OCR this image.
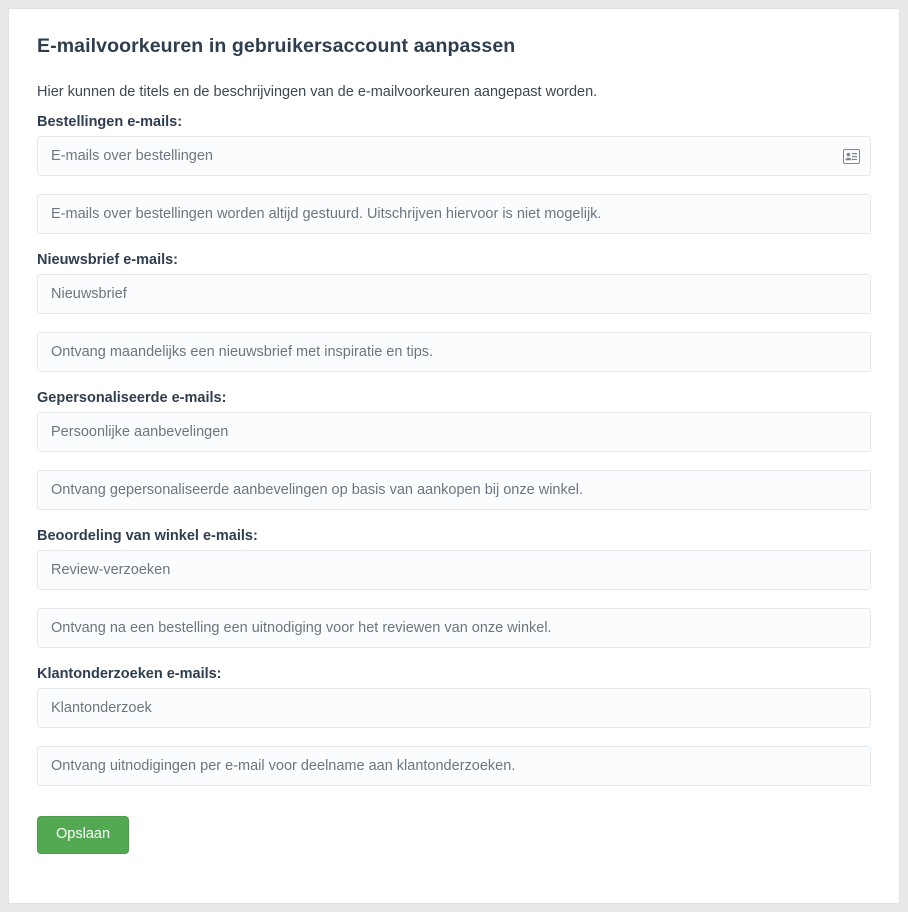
E-mailvoorkeuren in gebruikersaccount aanpassen

Hier kunnen de titels en de beschrijvingen van de e-mailvoorkeuren aangepast worden.

Bestellingen e-mails:
E-mails over bestellingen
E-mails over bestellingen worden altijd gestuurd. Uitschrijven hiervoor is niet mogelijk.
Nieuwsbrief e-mails:
Nieuwsbrief
Ontvang maandelijks een nieuwsbrief met inspiratie en tips.
Gepersonaliseerde e-mails:
Persoonlijke aanbevelingen
Ontvang gepersonaliseerde aanbevelingen op basis van aankopen bij onze winkel.
Beoordeling van winkel e-mails:
Review-verzoeken
Ontvang na een bestelling een uitnodiging voor het reviewen van onze winkel.
Klantonderzoeken e-mails:
Klantonderzoek
Ontvang uitnodigingen per e-mail voor deelname aan klantonderzoeken.
Opslaan
